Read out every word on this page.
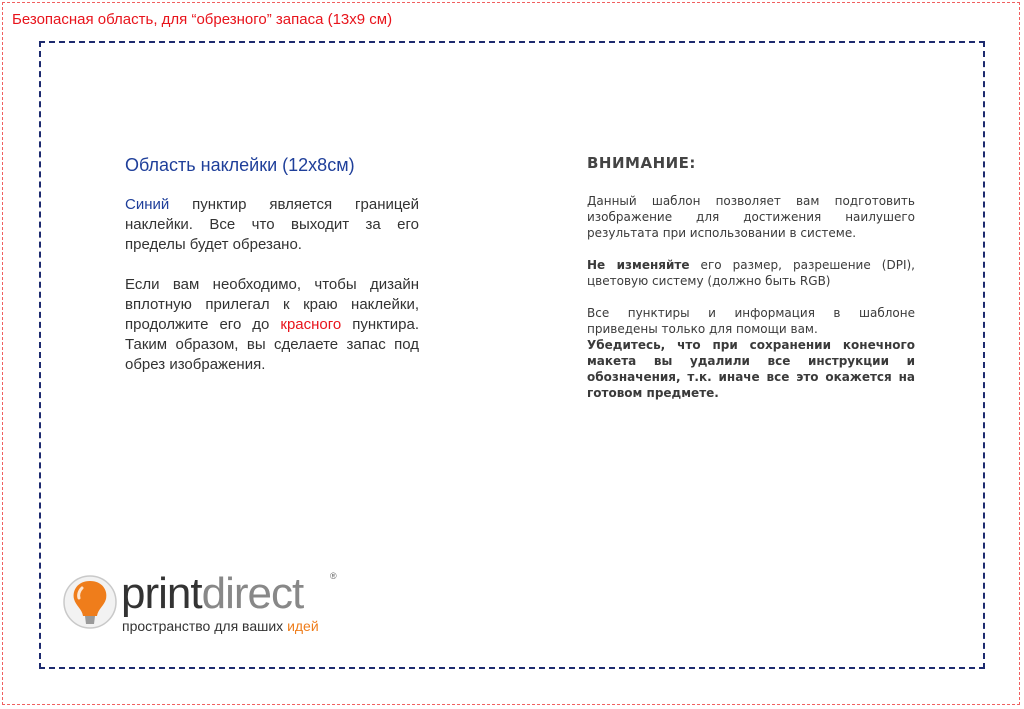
Безопасная область, для “обрезного” запаса (13x9 см)
Область наклейки (12x8см)

Синий пунктир является границей наклейки. Все что выходит за его пределы будет обрезано.

Если вам необходимо, чтобы дизайн вплотную прилегал к краю наклейки, продолжите его до красного пунктира. Таким образом, вы сделаете запас под обрез изображения.

ВНИМАНИЕ:

Данный шаблон позволяет вам подготовить изображение для достижения наилушего результата при использовании в системе.

Не изменяйте его размер, разрешение (DPI), цветовую систему (должно быть RGB)

Все пунктиры и информация в шаблоне приведены только для помощи вам.
Убедитесь, что при сохранении конечного макета вы удалили все инструкции и обозначения, т.к. иначе все это окажется на готовом предмете.

printdirect	®
пространство для ваших идей
